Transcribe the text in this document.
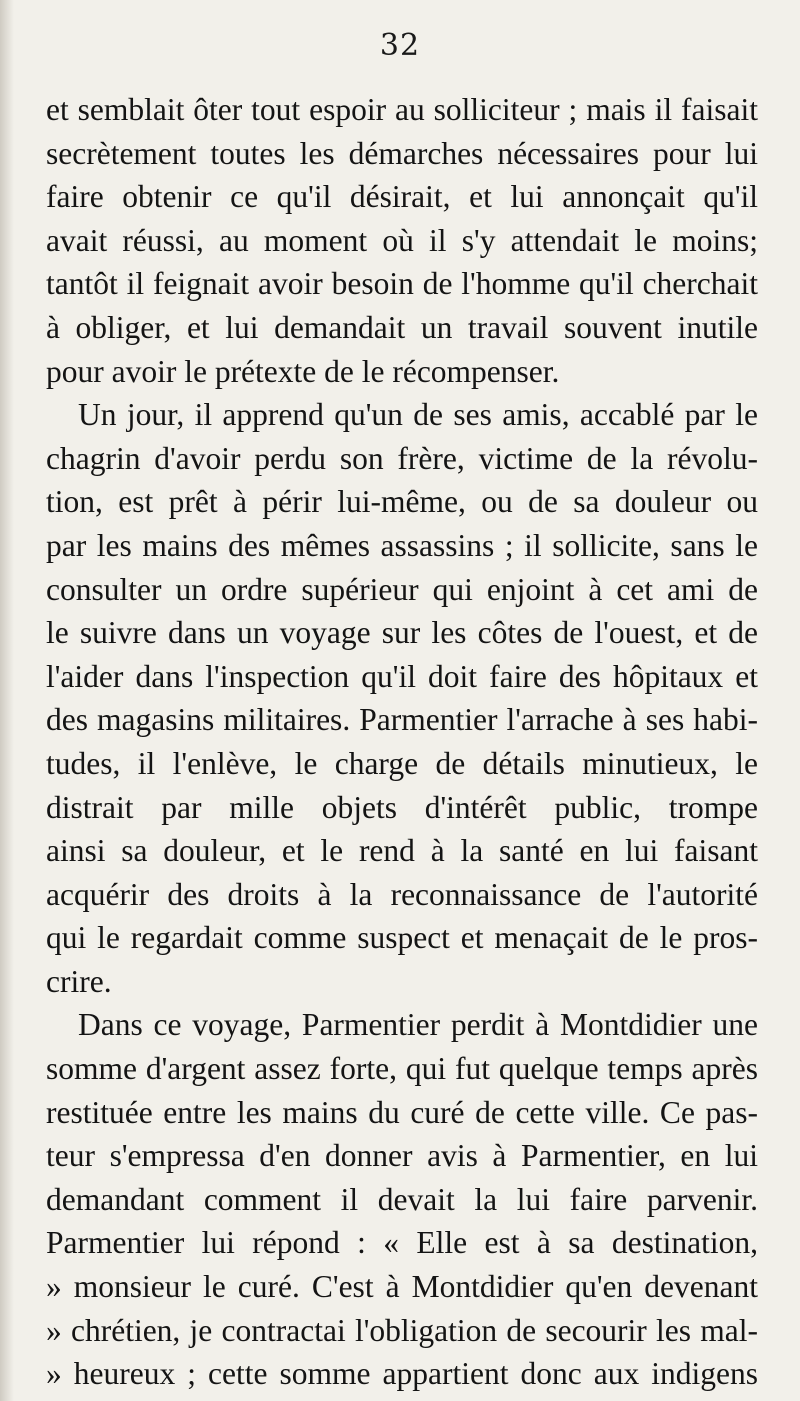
32
et semblait ôter tout espoir au solliciteur ; mais il faisait
secrètement toutes les démarches nécessaires pour lui
faire obtenir ce qu'il désirait, et lui annonçait qu'il
avait réussi, au moment où il s'y attendait le moins;
tantôt il feignait avoir besoin de l'homme qu'il cherchait
à obliger, et lui demandait un travail souvent inutile
pour avoir le prétexte de le récompenser.
Un jour, il apprend qu'un de ses amis, accablé par le
chagrin d'avoir perdu son frère, victime de la révolu-
tion, est prêt à périr lui-même, ou de sa douleur ou
par les mains des mêmes assassins ; il sollicite, sans le
consulter un ordre supérieur qui enjoint à cet ami de
le suivre dans un voyage sur les côtes de l'ouest, et de
l'aider dans l'inspection qu'il doit faire des hôpitaux et
des magasins militaires. Parmentier l'arrache à ses habi-
tudes, il l'enlève, le charge de détails minutieux, le
distrait par mille objets d'intérêt public, trompe
ainsi sa douleur, et le rend à la santé en lui faisant
acquérir des droits à la reconnaissance de l'autorité
qui le regardait comme suspect et menaçait de le pros-
crire.
Dans ce voyage, Parmentier perdit à Montdidier une
somme d'argent assez forte, qui fut quelque temps après
restituée entre les mains du curé de cette ville. Ce pas-
teur s'empressa d'en donner avis à Parmentier, en lui
demandant comment il devait la lui faire parvenir.
Parmentier lui répond : « Elle est à sa destination,
» monsieur le curé. C'est à Montdidier qu'en devenant
» chrétien, je contractai l'obligation de secourir les mal-
» heureux ; cette somme appartient donc aux indigens
